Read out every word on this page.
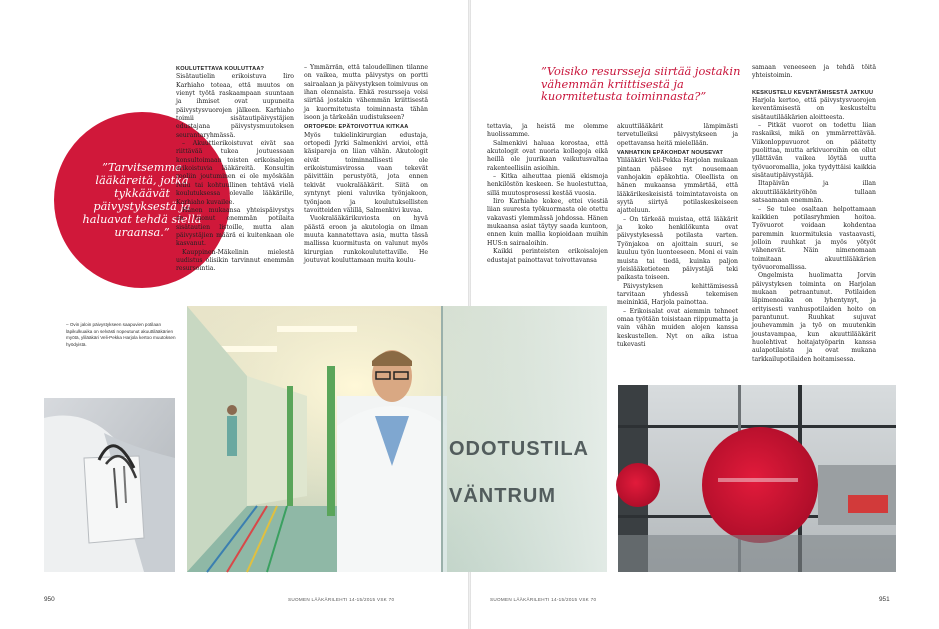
”Tarvitsemme lääkäreitä, jotka tykkäävät päivystyksestä ja haluavat tehdä siellä uraansa.”
KOULUTETTAVA KOULUTTAA?

Sisätautielin erikoistuva Iiro Karhiaho toteaa, että muutos on vienyt työtä raskaampaan suuntaan ja ihmiset ovat uupuneita päivystysvuorojen jälkeen. Karhiaho toimii sisätautipäivystäjien edustajana päivystysmuutoksen seurantaryhmässä.

– Akuuttierikoistuvat eivät saa riittävää tukea joutuessaan konsultoimaan toisten erikoisalojen erikoistuvia lääkäreitä. Konsultin rooliin joutuminen ei ole myöskään reilu tai kohtuullinen tehtävä vielä koulutuksessa olevalle lääkärille, Karhiaho kuvailee.

Hänen mukaansa yhteispäivystys on tuonut enemmän potilaita sisätautien listoille, mutta alan päivystäjien määrä ei kuitenkaan ole kasvanut.

Kauppinen-Mäkelinin mielestä uudistus olisikin tarvinnut enemmän resursointia.

– Ymmärrän, että taloudellinen tilanne on vaikea, mutta päivystys on portti sairaalaan ja päivystyksen toimivuus on ihan olennaista. Ehkä resursseja voisi siirtää jostakin vähemmän kriittisestä ja kuormitetusta toiminnasta tähän isoon ja tärkeään uudistukseen?

ORTOPEDI: EPÄTOIVOTTUA KITKAA

Myös tukielinkirurgian edustaja, ortopedi Jyrki Salmenkivi arvioi, että käsipareja on liian vähän. Akutologit eivät toiminnallisesti ole erikoistumisvirossa vaan tekevät päivittäin perustyötä, jota ennen tekivät vuokralääkärit. Siitä on syntynyt pieni valuvika työnjakoon, työnjaon ja koulutuksellisten tavoitteiden välillä, Salmenkivi kuvaa.

Vuokralääkärikuviosta on hyvä päästä eroon ja akutologia on ilman muuta kannatettava asia, mutta tässä mallissa kuormitusta on valunut myös kirurgian runkokoulutettaville. He joutuvat kouluttamaan muita koulu-

”Voisiko resursseja siirtää jostakin vähemmän kriittisestä ja kuormitetusta toiminnasta?”

tettavia, ja heistä me olemme huolissamme.

Salmenkivi haluaa korostaa, että akutologit ovat nuoria kollegoja eikä heillä ole juurikaan vaikutusvaltaa rakenteellisiin asioihin.

– Kitka aiheuttaa pieniä ekismoja henkilöstön keskeen. Se huolestuttaa, sillä muutosprosessi kestää vuosia.

Iiro Karhiaho kokee, ettei viestiä liian suuresta työkuormasta ole otettu vakavasti ylemmässä johdossa. Hänen mukaansa asiat täytyy saada kuntoon, ennen kuin mallia kopioidaan muihin HUS:n sairaaloihin.

Kaikki perinteisten erikoisalojen edustajat painottavat toivottavansa

akuuttilääkärit lämpimästi tervetulleiksi päivystykseen ja opettavansa heitä mielellään.

VANHATKIN EPÄKOHDAT NOUSEVAT

Ylilääkäri Veli-Pekka Harjolan mukaan pintaan pääsee nyt nousemaan vanhojakin epäkohtia. Oleellista on hänen mukaansa ymmärtää, että lääkärikeskeisistä toimintatavoista on syytä siirtyä potilaskeskeiseen ajatteluun.

– On tärkeää muistaa, että lääkärit ja koko henkilökunta ovat päivystyksessä potilasta varten. Työnjakoa on ajoittain suuri, se kuuluu työn luonteeseen. Moni ei vain muista tai tiedä, kuinka paljon yleislääketieteen päivystäjä teki paikasta toiseen.

Päivystyksen kehittämisessä tarvitaan yhdessä tekemisen meininkiä, Harjola painottaa.

– Erikoisalat ovat aiemmin tehneet omaa työtään toisistaan riippumatta ja vain vähän muiden alojen kanssa keskustellen. Nyt on aika istua tukevasti

samaan veneeseen ja tehdä töitä yhteistoimin.

KESKUSTELU KEVENTÄMISESTÄ JATKUU

Harjola kertoo, että päivystysvuorojen keventämisestä on keskusteltu sisätautilääkärien aloitteesta.

– Pitkät vuorot on todettu liian raskaiksi, mikä on ymmärrettävää. Viikonloppuvuorot on päätetty puolittaa, mutta arkivuoroihin on ollut yllättävän vaikea löytää uutta työvuoromallia, joka tyydyttäisi kaikkia sisätautipäivystäjiä.

Iltapäivän ja illan akuuttilääkärityöhön tullaan satsaamaan enemmän.

– Se tulee osaltaan helpottamaan kaikkien potilasryhmien hoitoa. Työvuorot voidaan kohdentaa paremmin kuormituksia vastaavasti, jolloin ruuhkat ja myös yötyöt vähenevät. Näin nimenomaan toimitaan akuuttilääkärien työvuoromallissa.

Ongelmista huolimatta Jorvin päivystyksen toiminta on Harjolan mukaan petraantunut. Potilaiden läpimenoaika on lyhentynyt, ja erityisesti vanhuspotilaiden hoito on parantunut. Ruuhkat sujuvat jouhevammin ja työ on muutenkin joustavampaa, kun akuuttilääkärit huolehtivat hoitajatyöparin kanssa aulapotilaista ja ovat mukana tarkkailupotilaiden hoitamisessa.

– Ovin jaloin päivystykseen saapuvien potilaan läpikulkuaika on selvästi nopeutunut akuuttilääkärien myötä, ylilääkäri Veli-Pekka Harjola kertoo muutoksen hyödyistä.
ODOTUSTILA
VÄNTRUM
950	SUOMEN LÄÄKÄRILEHTI 14-15/2015 VSK 70	SUOMEN LÄÄKÄRILEHTI 14-15/2015 VSK 70	951
